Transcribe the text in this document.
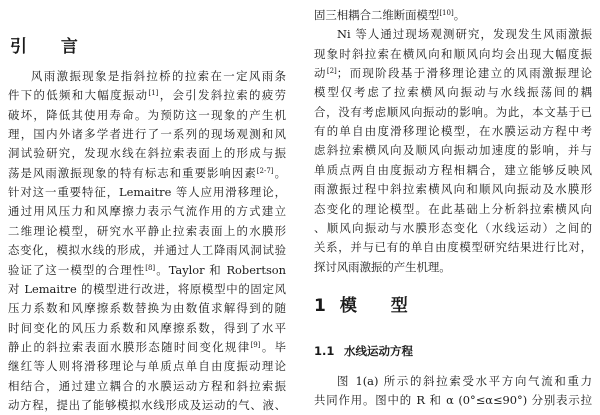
引 言
风雨激振现象是指斜拉桥的拉索在一定风雨条
件下的低频和大幅度振动[1]，会引发斜拉索的疲劳
破坏，降低其使用寿命。为预防这一现象的产生机
理，国内外诸多学者进行了一系列的现场观测和风
洞试验研究，发现水线在斜拉索表面上的形成与振
荡是风雨激振现象的特有标志和重要影响因素[2-7]。
针对这一重要特征，Lemaitre 等人应用滑移理论，
通过用风压力和风摩擦力表示气流作用的方式建立
二维理论模型，研究水平静止拉索表面上的水膜形
态变化，模拟水线的形成，并通过人工降雨风洞试验
验证了这一模型的合理性[8]。Taylor 和 Robertson
对 Lemaitre 的模型进行改进，将原模型中的固定风
压力系数和风摩擦系数替换为由数值求解得到的随
时间变化的风压力系数和风摩擦系数，得到了水平
静止的斜拉索表面水膜形态随时间变化规律[9]。毕
继红等人则将滑移理论与单质点单自由度振动理论
相结合，通过建立耦合的水膜运动方程和斜拉索振
动方程，提出了能够模拟水线形成及运动的气、液、
固三相耦合二维断面模型[10]。
Ni 等人通过现场观测研究，发现发生风雨激振
现象时斜拉索在横风向和顺风向均会出现大幅度振
动[2]；而现阶段基于滑移理论建立的风雨激振理论
模型仅考虑了拉索横风向振动与水线振荡间的耦
合，没有考虑顺风向振动的影响。为此，本文基于已
有的单自由度滑移理论模型，在水膜运动方程中考
虑斜拉索横风向及顺风向振动加速度的影响，并与
单质点两自由度振动方程相耦合，建立能够反映风
雨激振过程中斜拉索横风向和顺风向振动及水膜形
态变化的理论模型。在此基础上分析斜拉索横风向
、顺风向振动与水膜形态变化（水线运动）之间的
关系，并与已有的单自由度模型研究结果进行比对，
探讨风雨激振的产生机理。
1 模 型
1.1 水线运动方程
图 1(a) 所示的斜拉索受水平方向气流和重力
共同作用。图中的 R 和 α (0°≤α≤90°) 分别表示拉
